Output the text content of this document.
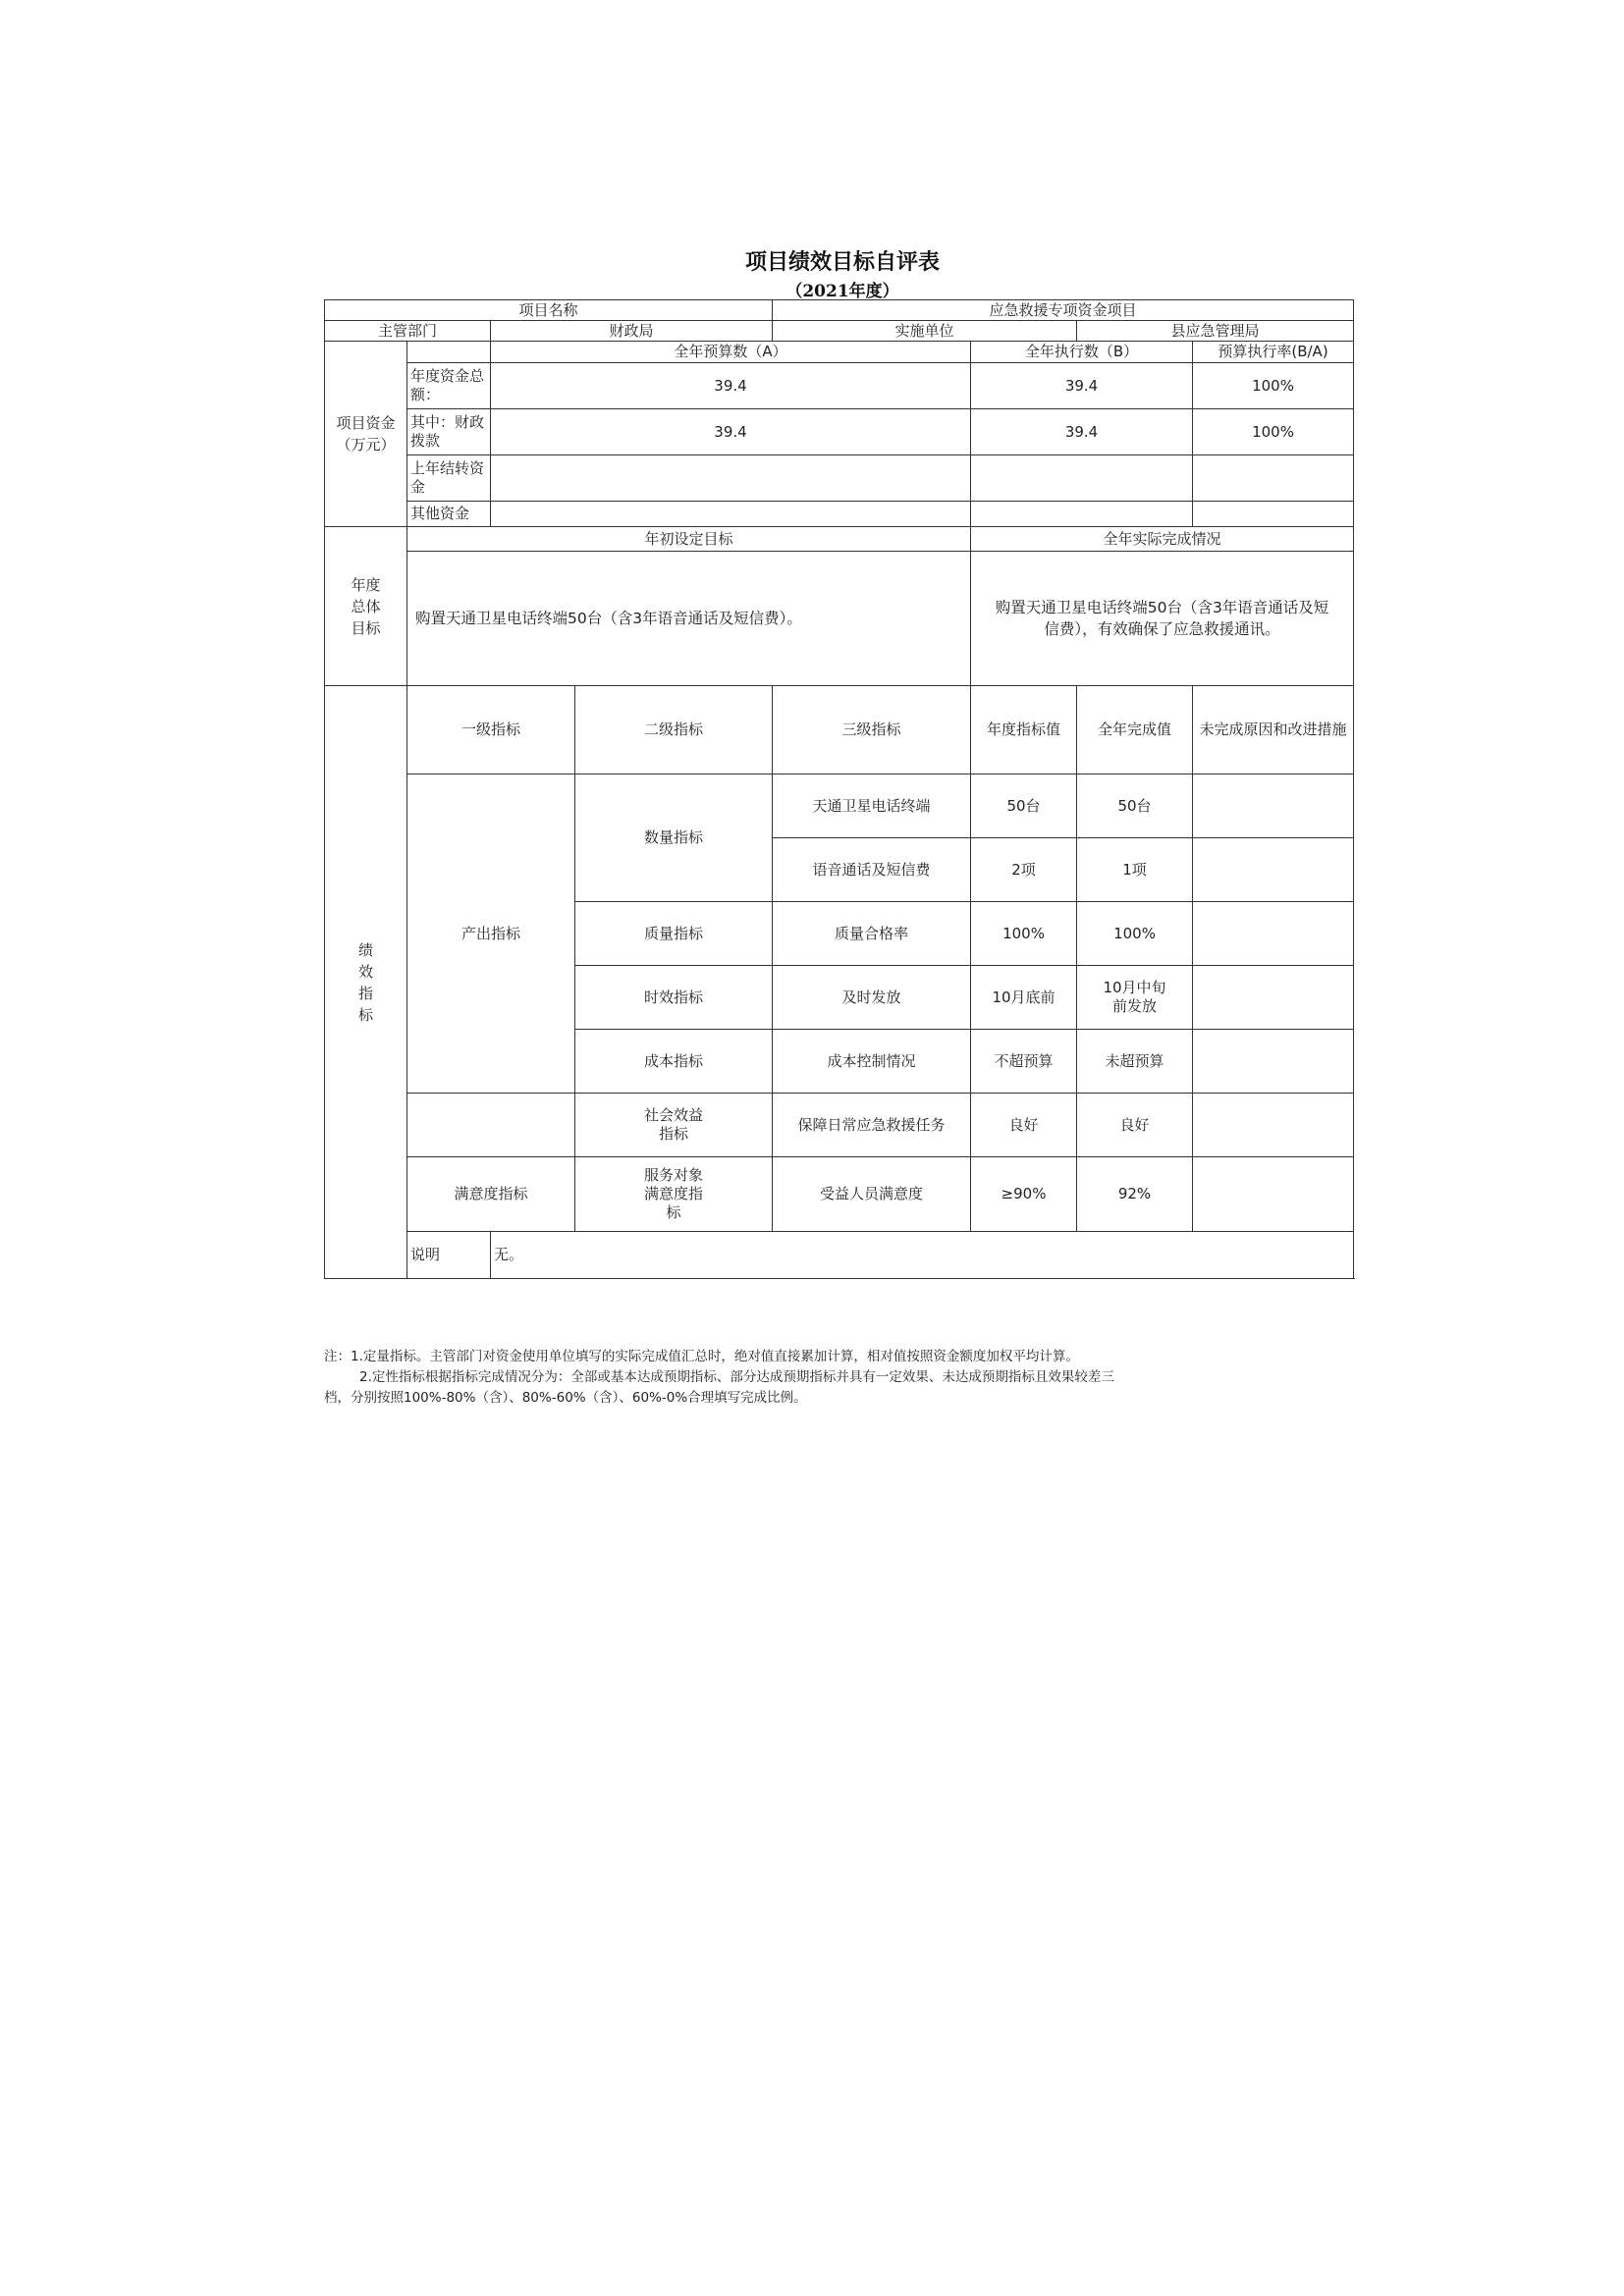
项目绩效目标自评表
（2021年度）
项目名称				应急救援专项资金项目			
主管部门		财政局		实施单位		县应急管理局	
项目资金（万元）		全年预算数（A）			全年执行数（B）		预算执行率(B/A)
	年度资金总额：	39.4			39.4		100%
	其中：财政拨款	39.4			39.4		100%
	上年结转资金						
	其他资金						
年度总体目标	年初设定目标				全年实际完成情况		
	购置天通卫星电话终端50台（含3年语音通话及短信费）。				购置天通卫星电话终端50台（含3年语音通话及短信费），有效确保了应急救援通讯。		
绩效指标	一级指标		二级指标	三级指标	年度指标值	全年完成值	未完成原因和改进措施
	产出指标		数量指标	天通卫星电话终端	50台	50台	
				语音通话及短信费	2项	1项	
			质量指标	质量合格率	100%	100%	
			时效指标	及时发放	10月底前	10月中旬前发放	
			成本指标	成本控制情况	不超预算	未超预算	
			社会效益指标	保障日常应急救援任务	良好	良好	
	满意度指标		服务对象满意度指标	受益人员满意度	≥90%	92%	
	说明	无。					

注：1.定量指标。主管部门对资金使用单位填写的实际完成值汇总时，绝对值直接累加计算，相对值按照资金额度加权平均计算。

2.定性指标根据指标完成情况分为：全部或基本达成预期指标、部分达成预期指标并具有一定效果、未达成预期指标且效果较差三

档，分别按照100%-80%（含）、80%-60%（含）、60%-0%合理填写完成比例。
